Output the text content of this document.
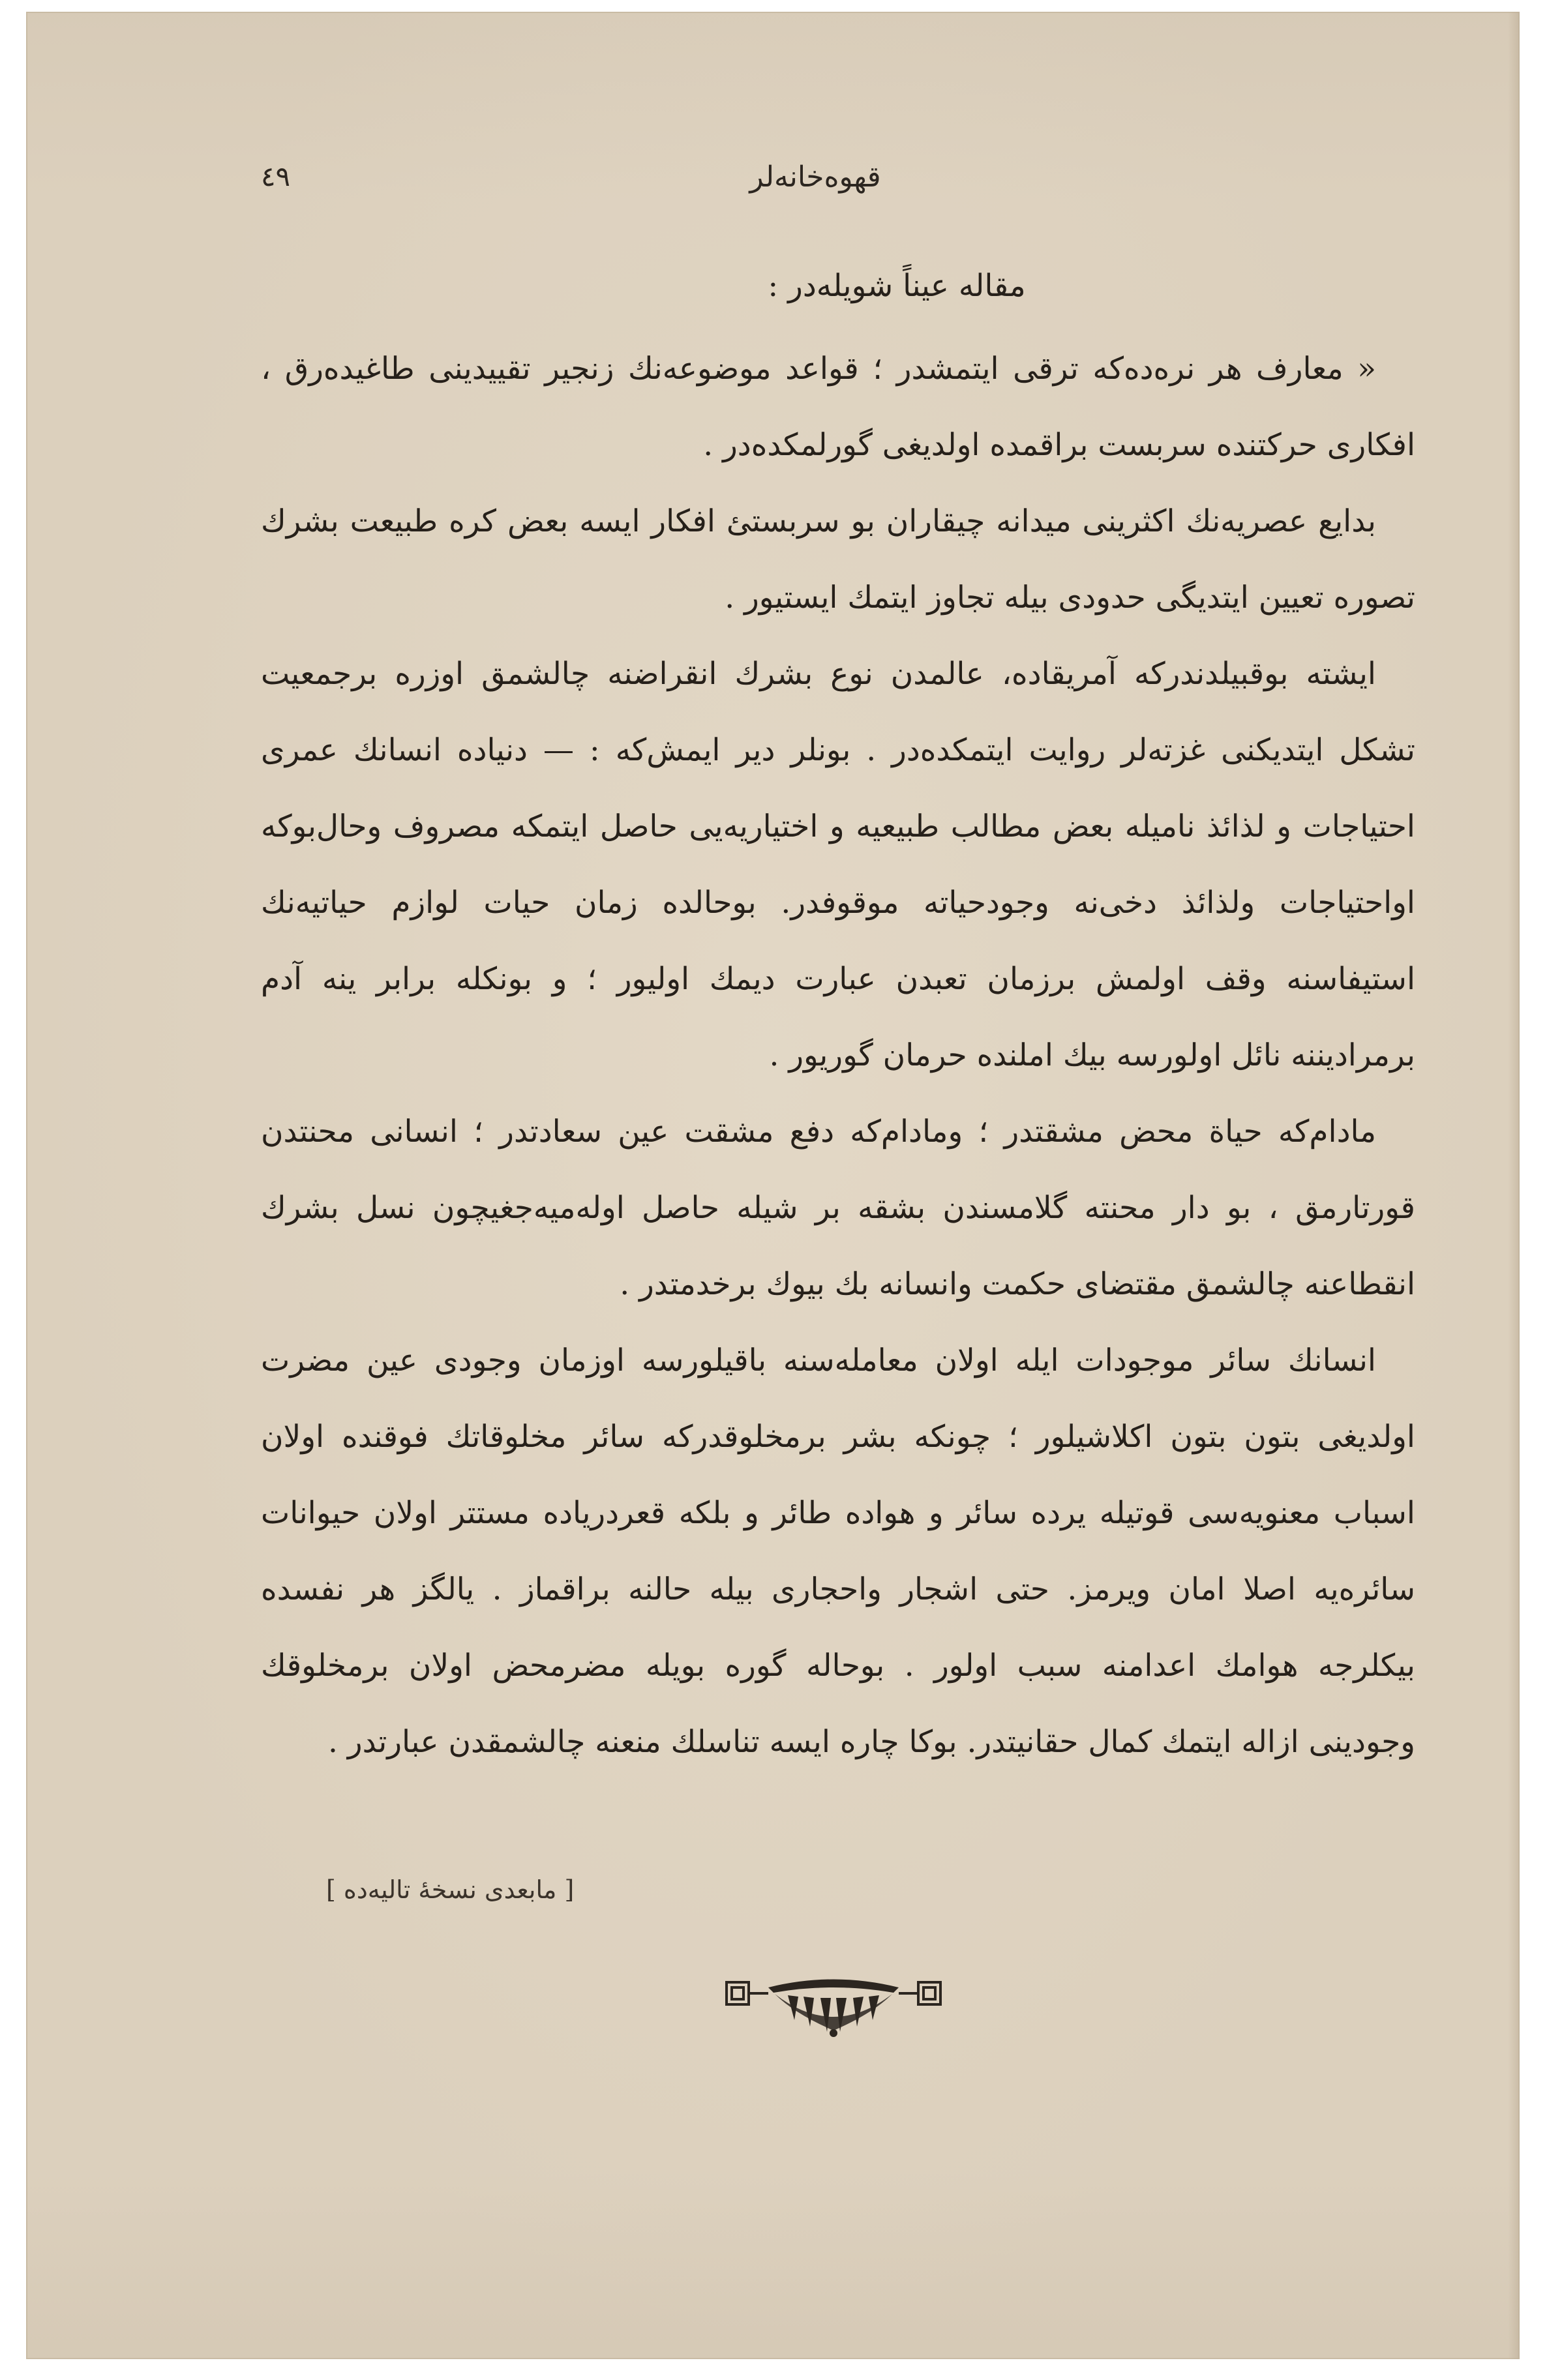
٤٩	قهوه‌خانه‌لر

مقاله عيناً شويله‌در :

« معارف هر نره‌ده‌كه ترقى ايتمشدر ؛ قواعد موضوعه‌نك زنجير تقييدينى طاغيده‌رق ، افكارى حركتنده سربست براقمده اولديغى گورلمكده‌در .

بدايع عصريه‌نك اكثرينى ميدانه چيقاران بو سربستئ افكار ايسه بعض كره طبيعت بشرك تصوره تعيين ايتديگى حدودى بيله تجاوز ايتمك ايستيور .

ايشته بوقبيلدندركه آمريقاده، عالمدن نوع بشرك انقراضنه چالشمق اوزره برجمعيت تشكل ايتديكنى غزته‌لر روايت ايتمكده‌در . بونلر دير ايمش‌كه : — دنياده انسانك عمرى احتياجات و لذائذ ناميله بعض مطالب طبيعيه و اختياريه‌يى حاصل ايتمكه مصروف وحال‌بوكه اواحتياجات ولذائذ دخى‌نه وجودحياته موقوفدر. بوحالده زمان حيات لوازم حياتيه‌نك استيفاسنه وقف اولمش برزمان تعبدن عبارت ديمك اوليور ؛ و بونكله برابر ينه آدم برمراديننه نائل اولورسه بيك املنده حرمان گوريور .

مادام‌كه حياة محض مشقتدر ؛ ومادام‌كه دفع مشقت عين سعادتدر ؛ انسانى محنتدن قورتارمق ، بو دار محنته گلامسندن بشقه بر شيله حاصل اوله‌ميه‌جغيچون نسل بشرك انقطاعنه چالشمق مقتضاى حكمت وانسانه بك بيوك برخدمتدر .

انسانك سائر موجودات ايله اولان معامله‌سنه باقيلورسه اوزمان وجودى عين مضرت اولديغى بتون بتون اكلاشيلور ؛ چونكه بشر برمخلوقدركه سائر مخلوقاتك فوقنده اولان اسباب معنويه‌سى قوتيله يرده سائر و هواده طائر و بلكه قعردرياده مستتر اولان حيوانات سائره‌يه اصلا امان ويرمز. حتى اشجار واحجارى بيله حالنه براقماز . يالگز هر نفسده بيكلرجه هوامك اعدامنه سبب اولور . بوحاله گوره بويله مضرمحض اولان برمخلوقك وجودينى ازاله ايتمك كمال حقانيتدر. بوكا چاره ايسه تناسلك منعنه چالشمقدن عبارتدر .

[ مابعدى نسخهٔ تاليه‌ده ]
